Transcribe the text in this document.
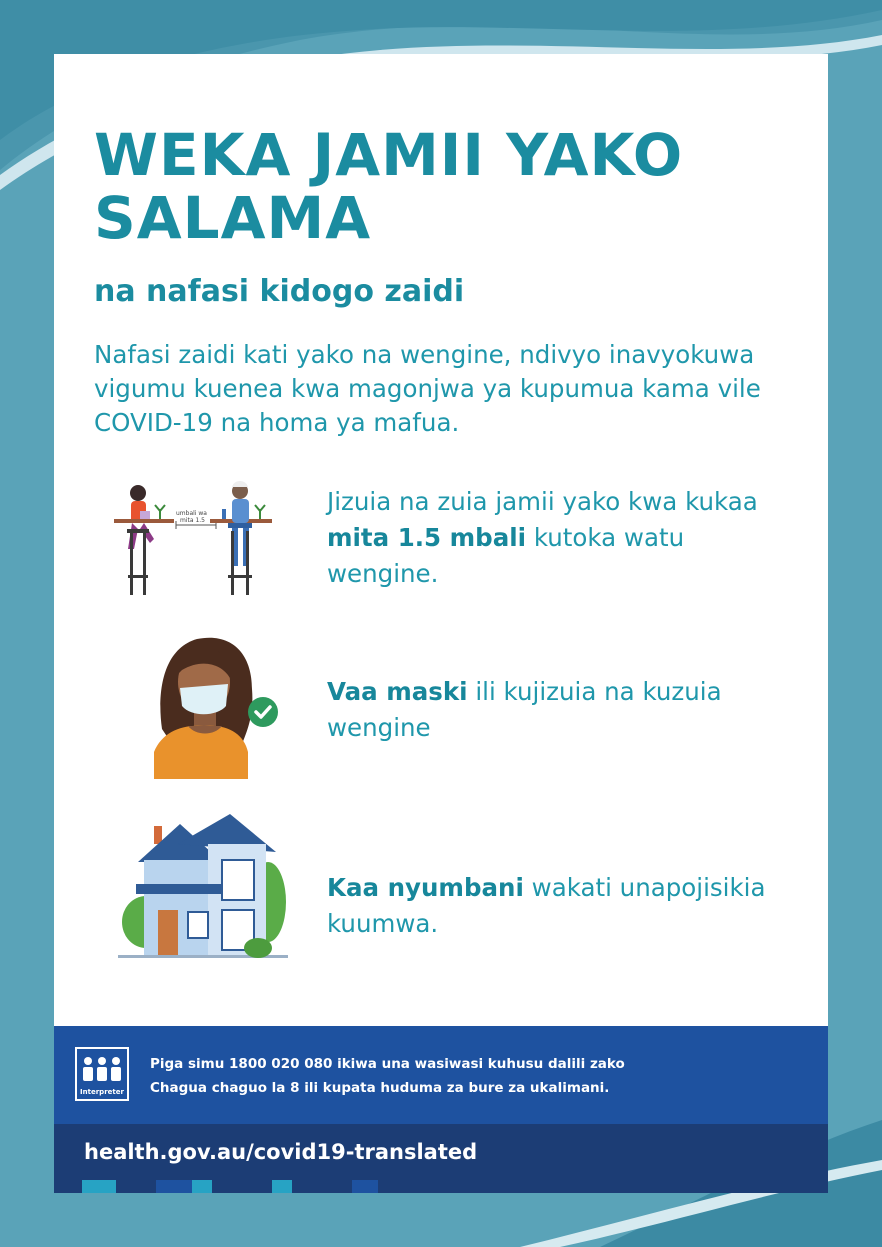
WEKA JAMII YAKO SALAMA
na nafasi kidogo zaidi

Nafasi zaidi kati yako na wengine, ndivyo inavyokuwa vigumu kuenea kwa magonjwa ya kupumua kama vile COVID-19 na homa ya mafua.

umbali wa
mita 1.5

Jizuia na zuia jamii yako kwa kukaa mita 1.5 mbali kutoka watu wengine.

Vaa maski ili kujizuia na kuzuia wengine

Kaa nyumbani wakati unapojisikia kuumwa.

Interpreter

Piga simu 1800 020 080 ikiwa una wasiwasi kuhusu dalili zako

Chagua chaguo la 8 ili kupata huduma za bure za ukalimani.

health.gov.au/covid19-translated
